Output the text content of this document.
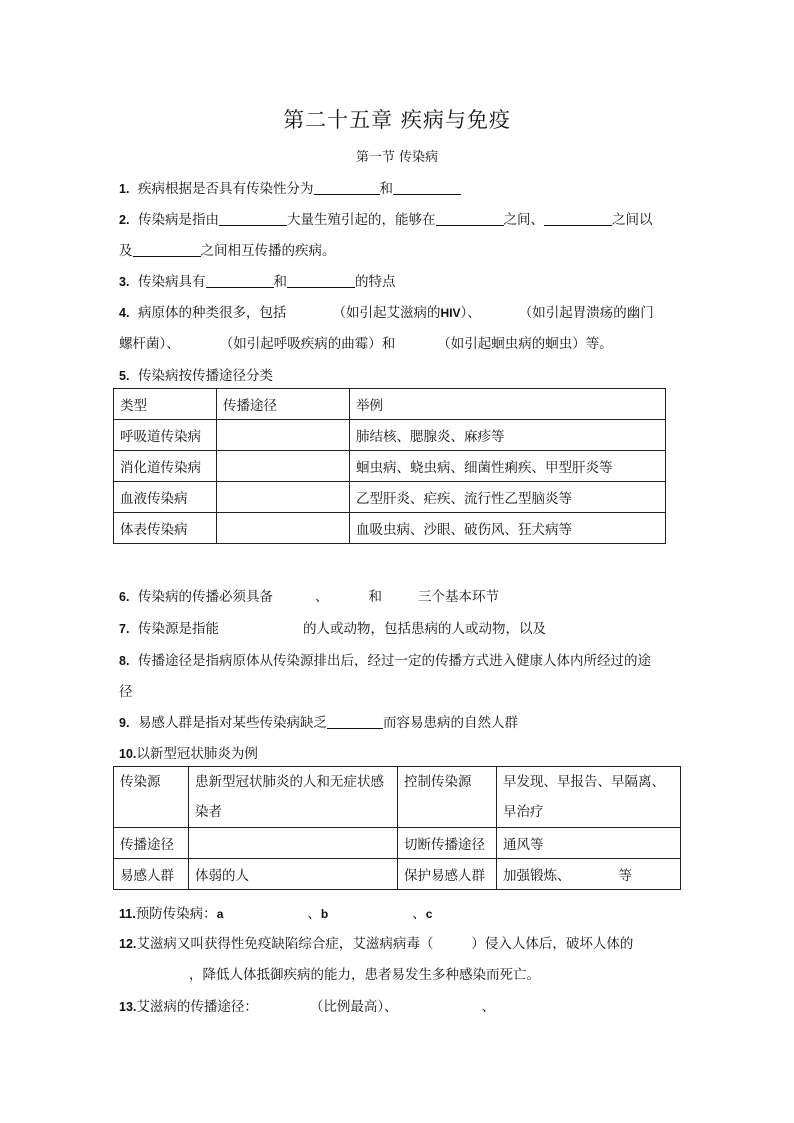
第二十五章 疾病与免疫
第一节 传染病
1. 疾病根据是否具有传染性分为	和
2. 传染病是指由	大量生殖引起的，能够在	之间、	之间以
及	之间相互传播的疾病。
3. 传染病具有	和	的特点
4. 病原体的种类很多，包括	（如引起艾滋病的HIV）、	（如引起胃溃疡的幽门
螺杆菌）、	（如引起呼吸疾病的曲霉）和	（如引起蛔虫病的蛔虫）等。
5. 传染病按传播途径分类
类型	传播途径	举例
呼吸道传染病		肺结核、腮腺炎、麻疹等
消化道传染病		蛔虫病、蛲虫病、细菌性痢疾、甲型肝炎等
血液传染病		乙型肝炎、疟疾、流行性乙型脑炎等
体表传染病		血吸虫病、沙眼、破伤风、狂犬病等
6. 传染病的传播必须具备	、	和	三个基本环节
7. 传染源是指能	的人或动物，包括患病的人或动物，以及
8. 传播途径是指病原体从传染源排出后，经过一定的传播方式进入健康人体内所经过的途
径
9. 易感人群是指对某些传染病缺乏	而容易患病的自然人群
10.以新型冠状肺炎为例
传染源	患新型冠状肺炎的人和无症状感
染者	控制传染源	早发现、早报告、早隔离、
早治疗
传播途径		切断传播途径	通风等
易感人群	体弱的人	保护易感人群	加强锻炼、 等
11.预防传染病：a	、b	、c
12.艾滋病又叫获得性免疫缺陷综合症，艾滋病病毒（	）侵入人体后，破坏人体的
，降低人体抵御疾病的能力，患者易发生多种感染而死亡。
13.艾滋病的传播途径：	（比例最高）、	、
